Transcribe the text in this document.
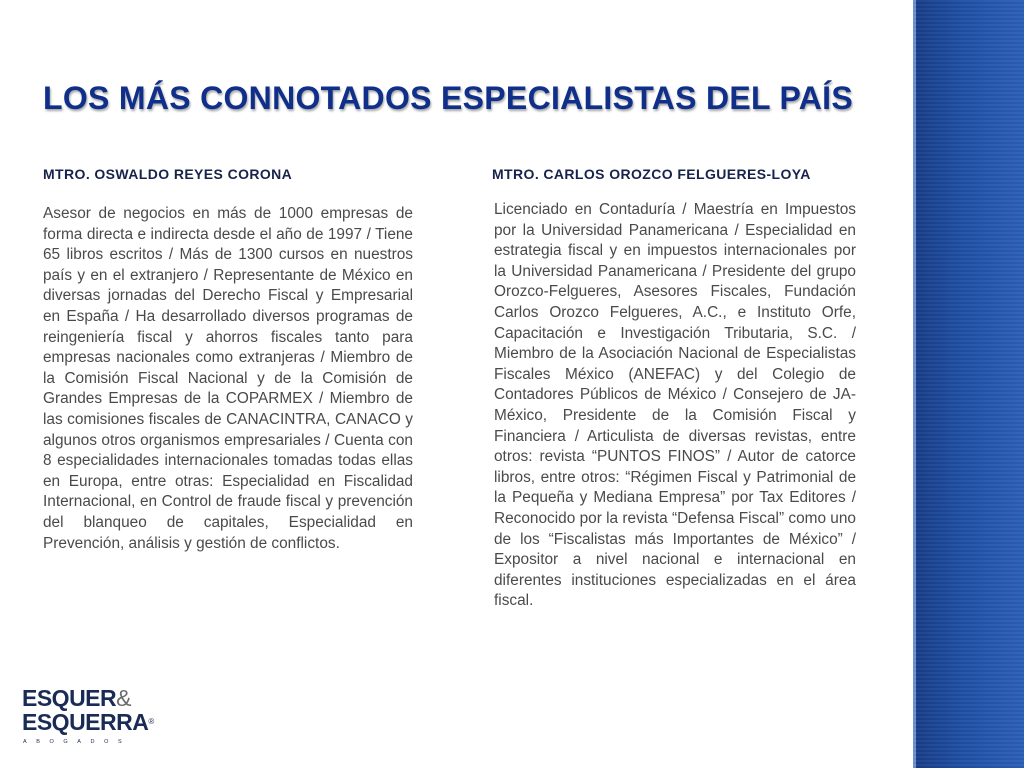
LOS MÁS CONNOTADOS ESPECIALISTAS DEL PAÍS
MTRO. OSWALDO REYES CORONA

Asesor de negocios en más de 1000 empresas de forma directa e indirecta desde el año de 1997 / Tiene 65 libros escritos / Más de 1300 cursos en nuestros país y en el extranjero / Representante de México en diversas jornadas del Derecho Fiscal y Empresarial en España / Ha desarrollado diversos programas de reingeniería fiscal y ahorros fiscales tanto para empresas nacionales como extranjeras / Miembro de la Comisión Fiscal Nacional y de la Comisión de Grandes Empresas de la COPARMEX / Miembro de las comisiones fiscales de CANACINTRA, CANACO y algunos otros organismos empresariales / Cuenta con 8 especialidades internacionales tomadas todas ellas en Europa, entre otras: Especialidad en Fiscalidad Internacional, en Control de fraude fiscal y prevención del blanqueo de capitales, Especialidad en Prevención, análisis y gestión de conflictos.

MTRO. CARLOS OROZCO FELGUERES-LOYA

Licenciado en Contaduría / Maestría en Impuestos por la Universidad Panamericana / Especialidad en estrategia fiscal y en impuestos internacionales por la Universidad Panamericana / Presidente del grupo Orozco-Felgueres, Asesores Fiscales, Fundación Carlos Orozco Felgueres, A.C., e Instituto Orfe, Capacitación e Investigación Tributaria, S.C. / Miembro de la Asociación Nacional de Especialistas Fiscales México (ANEFAC) y del Colegio de Contadores Públicos de México / Consejero de JA-México, Presidente de la Comisión Fiscal y Financiera / Articulista de diversas revistas, entre otros: revista “PUNTOS FINOS” / Autor de catorce libros, entre otros: “Régimen Fiscal y Patrimonial de la Pequeña y Mediana Empresa” por Tax Editores / Reconocido por la revista “Defensa Fiscal” como uno de los “Fiscalistas más Importantes de México” / Expositor a nivel nacional e internacional en diferentes instituciones especializadas en el área fiscal.

ESQUER&
ESQUERRA®
ABOGADOS
